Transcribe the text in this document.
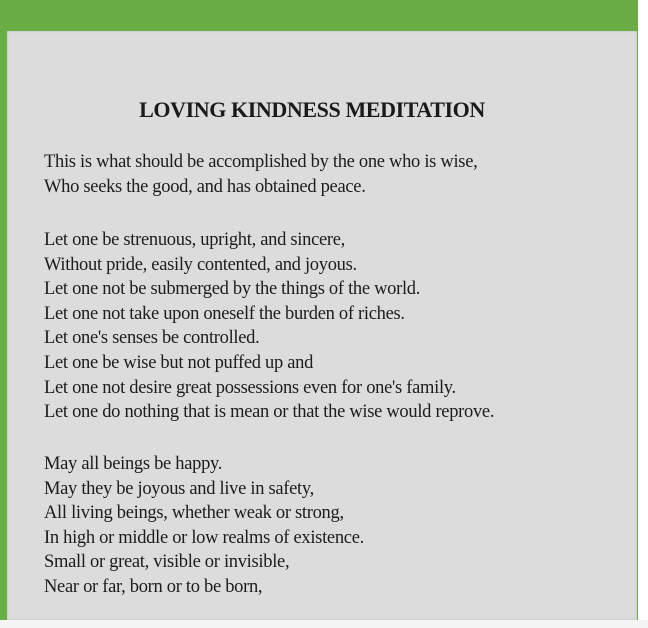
LOVING KINDNESS MEDITATION
This is what should be accomplished by the one who is wise,
Who seeks the good, and has obtained peace.
Let one be strenuous, upright, and sincere,
Without pride, easily contented, and joyous.
Let one not be submerged by the things of the world.
Let one not take upon oneself the burden of riches.
Let one's senses be controlled.
Let one be wise but not puffed up and
Let one not desire great possessions even for one's family.
Let one do nothing that is mean or that the wise would reprove.
May all beings be happy.
May they be joyous and live in safety,
All living beings, whether weak or strong,
In high or middle or low realms of existence.
Small or great, visible or invisible,
Near or far, born or to be born,
